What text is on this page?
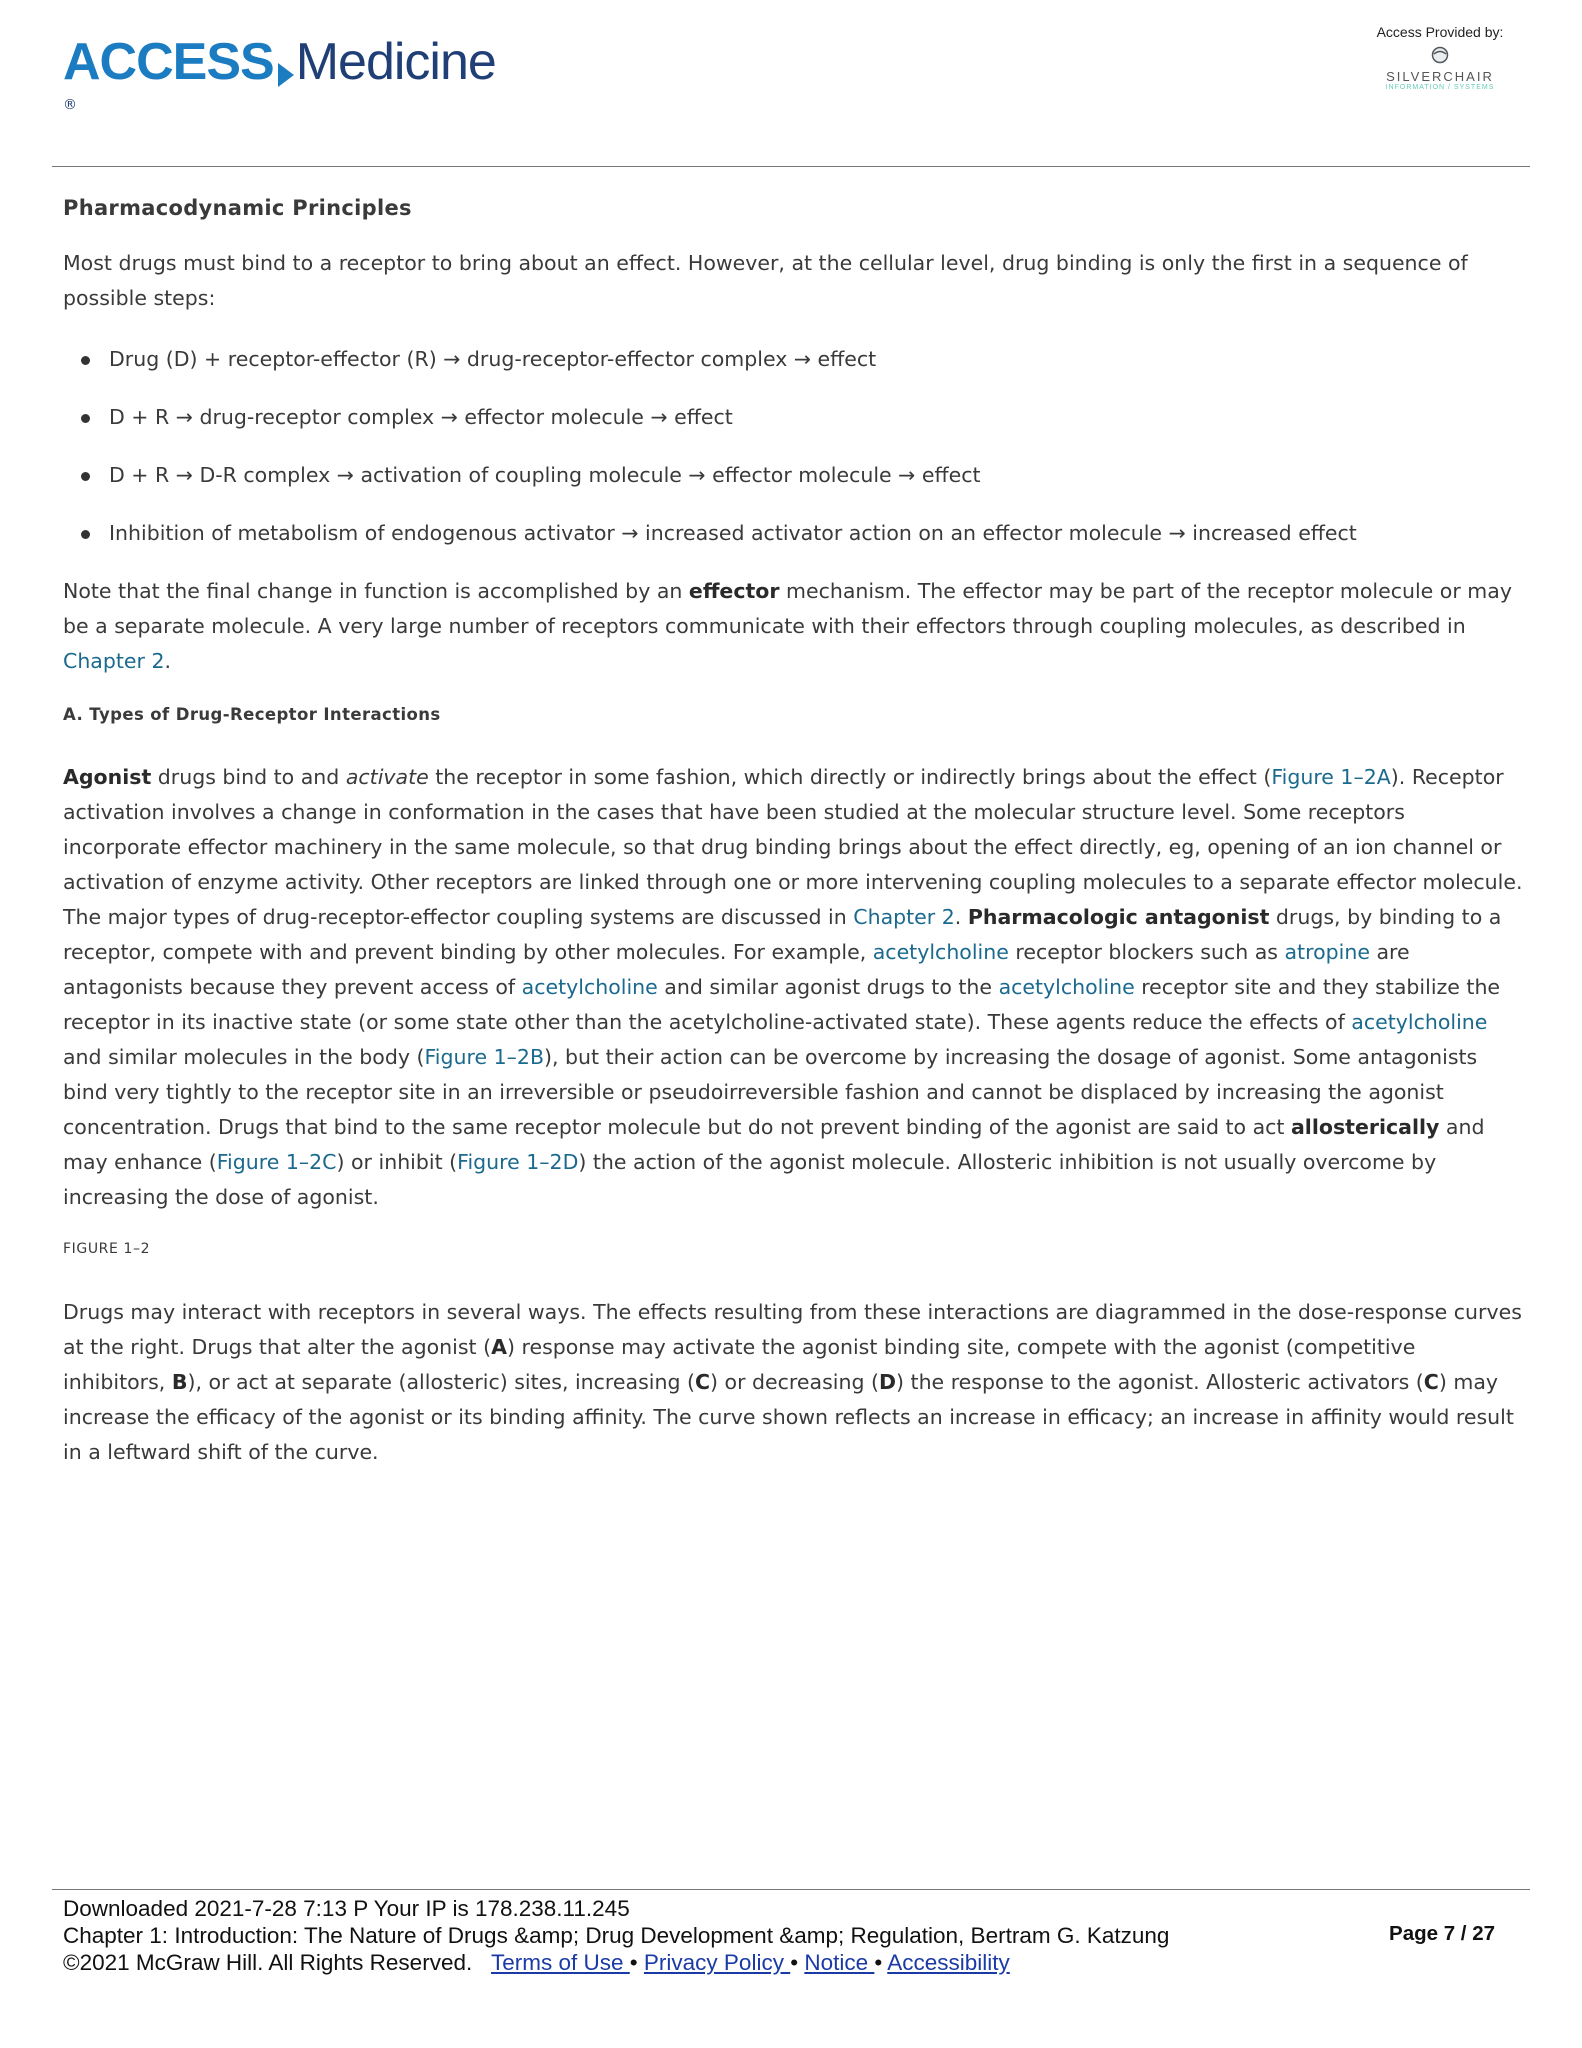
ACCESS Medicine®
Access Provided by:
SILVERCHAIR
INFORMATION / SYSTEMS
Pharmacodynamic Principles

Most drugs must bind to a receptor to bring about an effect. However, at the cellular level, drug binding is only the first in a sequence of possible steps:

Drug (D) + receptor-effector (R) → drug-receptor-effector complex → effect
D + R → drug-receptor complex → effector molecule → effect
D + R → D-R complex → activation of coupling molecule → effector molecule → effect
Inhibition of metabolism of endogenous activator → increased activator action on an effector molecule → increased effect

Note that the final change in function is accomplished by an effector mechanism. The effector may be part of the receptor molecule or may be a separate molecule. A very large number of receptors communicate with their effectors through coupling molecules, as described in Chapter 2.

A. Types of Drug-Receptor Interactions

Agonist drugs bind to and activate the receptor in some fashion, which directly or indirectly brings about the effect (Figure 1–2A). Receptor activation involves a change in conformation in the cases that have been studied at the molecular structure level. Some receptors incorporate effector machinery in the same molecule, so that drug binding brings about the effect directly, eg, opening of an ion channel or activation of enzyme activity. Other receptors are linked through one or more intervening coupling molecules to a separate effector molecule. The major types of drug-receptor-effector coupling systems are discussed in Chapter 2. Pharmacologic antagonist drugs, by binding to a receptor, compete with and prevent binding by other molecules. For example, acetylcholine receptor blockers such as atropine are antagonists because they prevent access of acetylcholine and similar agonist drugs to the acetylcholine receptor site and they stabilize the receptor in its inactive state (or some state other than the acetylcholine-activated state). These agents reduce the effects of acetylcholine and similar molecules in the body (Figure 1–2B), but their action can be overcome by increasing the dosage of agonist. Some antagonists bind very tightly to the receptor site in an irreversible or pseudoirreversible fashion and cannot be displaced by increasing the agonist concentration. Drugs that bind to the same receptor molecule but do not prevent binding of the agonist are said to act allosterically and may enhance (Figure 1–2C) or inhibit (Figure 1–2D) the action of the agonist molecule. Allosteric inhibition is not usually overcome by increasing the dose of agonist.

FIGURE 1–2

Drugs may interact with receptors in several ways. The effects resulting from these interactions are diagrammed in the dose-response curves at the right. Drugs that alter the agonist (A) response may activate the agonist binding site, compete with the agonist (competitive inhibitors, B), or act at separate (allosteric) sites, increasing (C) or decreasing (D) the response to the agonist. Allosteric activators (C) may increase the efficacy of the agonist or its binding affinity. The curve shown reflects an increase in efficacy; an increase in affinity would result in a leftward shift of the curve.

Downloaded 2021-7-28 7:13 P Your IP is 178.238.11.245
Chapter 1: Introduction: The Nature of Drugs &amp; Drug Development &amp; Regulation, Bertram G. Katzung
©2021 McGraw Hill. All Rights Reserved. Terms of Use • Privacy Policy • Notice • Accessibility
Page 7 / 27
